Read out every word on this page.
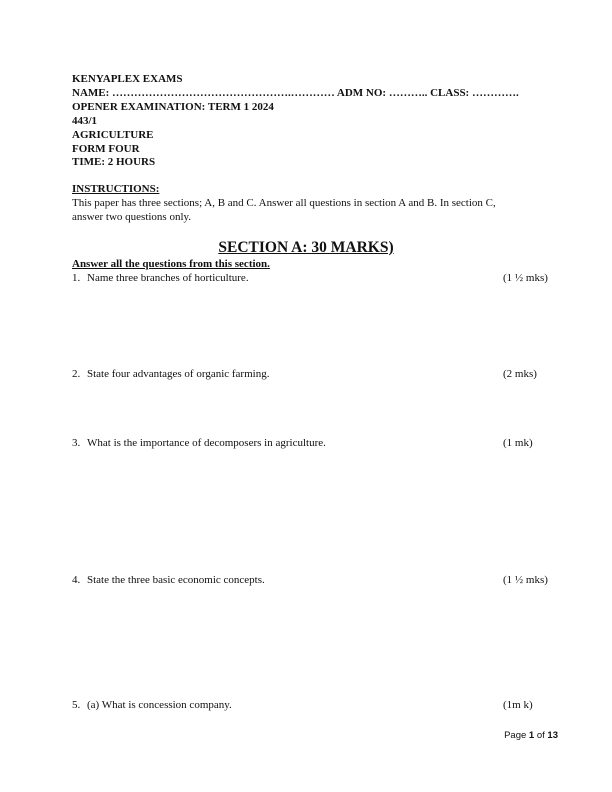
KENYAPLEX EXAMS
NAME: ………………………………………….………… ADM NO: ……….. CLASS: ………….
OPENER EXAMINATION: TERM 1 2024
443/1
AGRICULTURE
FORM FOUR
TIME: 2 HOURS
INSTRUCTIONS:
This paper has three sections; A, B and C. Answer all questions in section A and B. In section C,
answer two questions only.
SECTION A: 30 MARKS)
Answer all the questions from this section.
1. Name three branches of horticulture.	(1 ½ mks)
2. State four advantages of organic farming.	(2 mks)
3. What is the importance of decomposers in agriculture.	(1 mk)
4. State the three basic economic concepts.	(1 ½ mks)
5. (a) What is concession company.	(1m k)
Page 1 of 13
